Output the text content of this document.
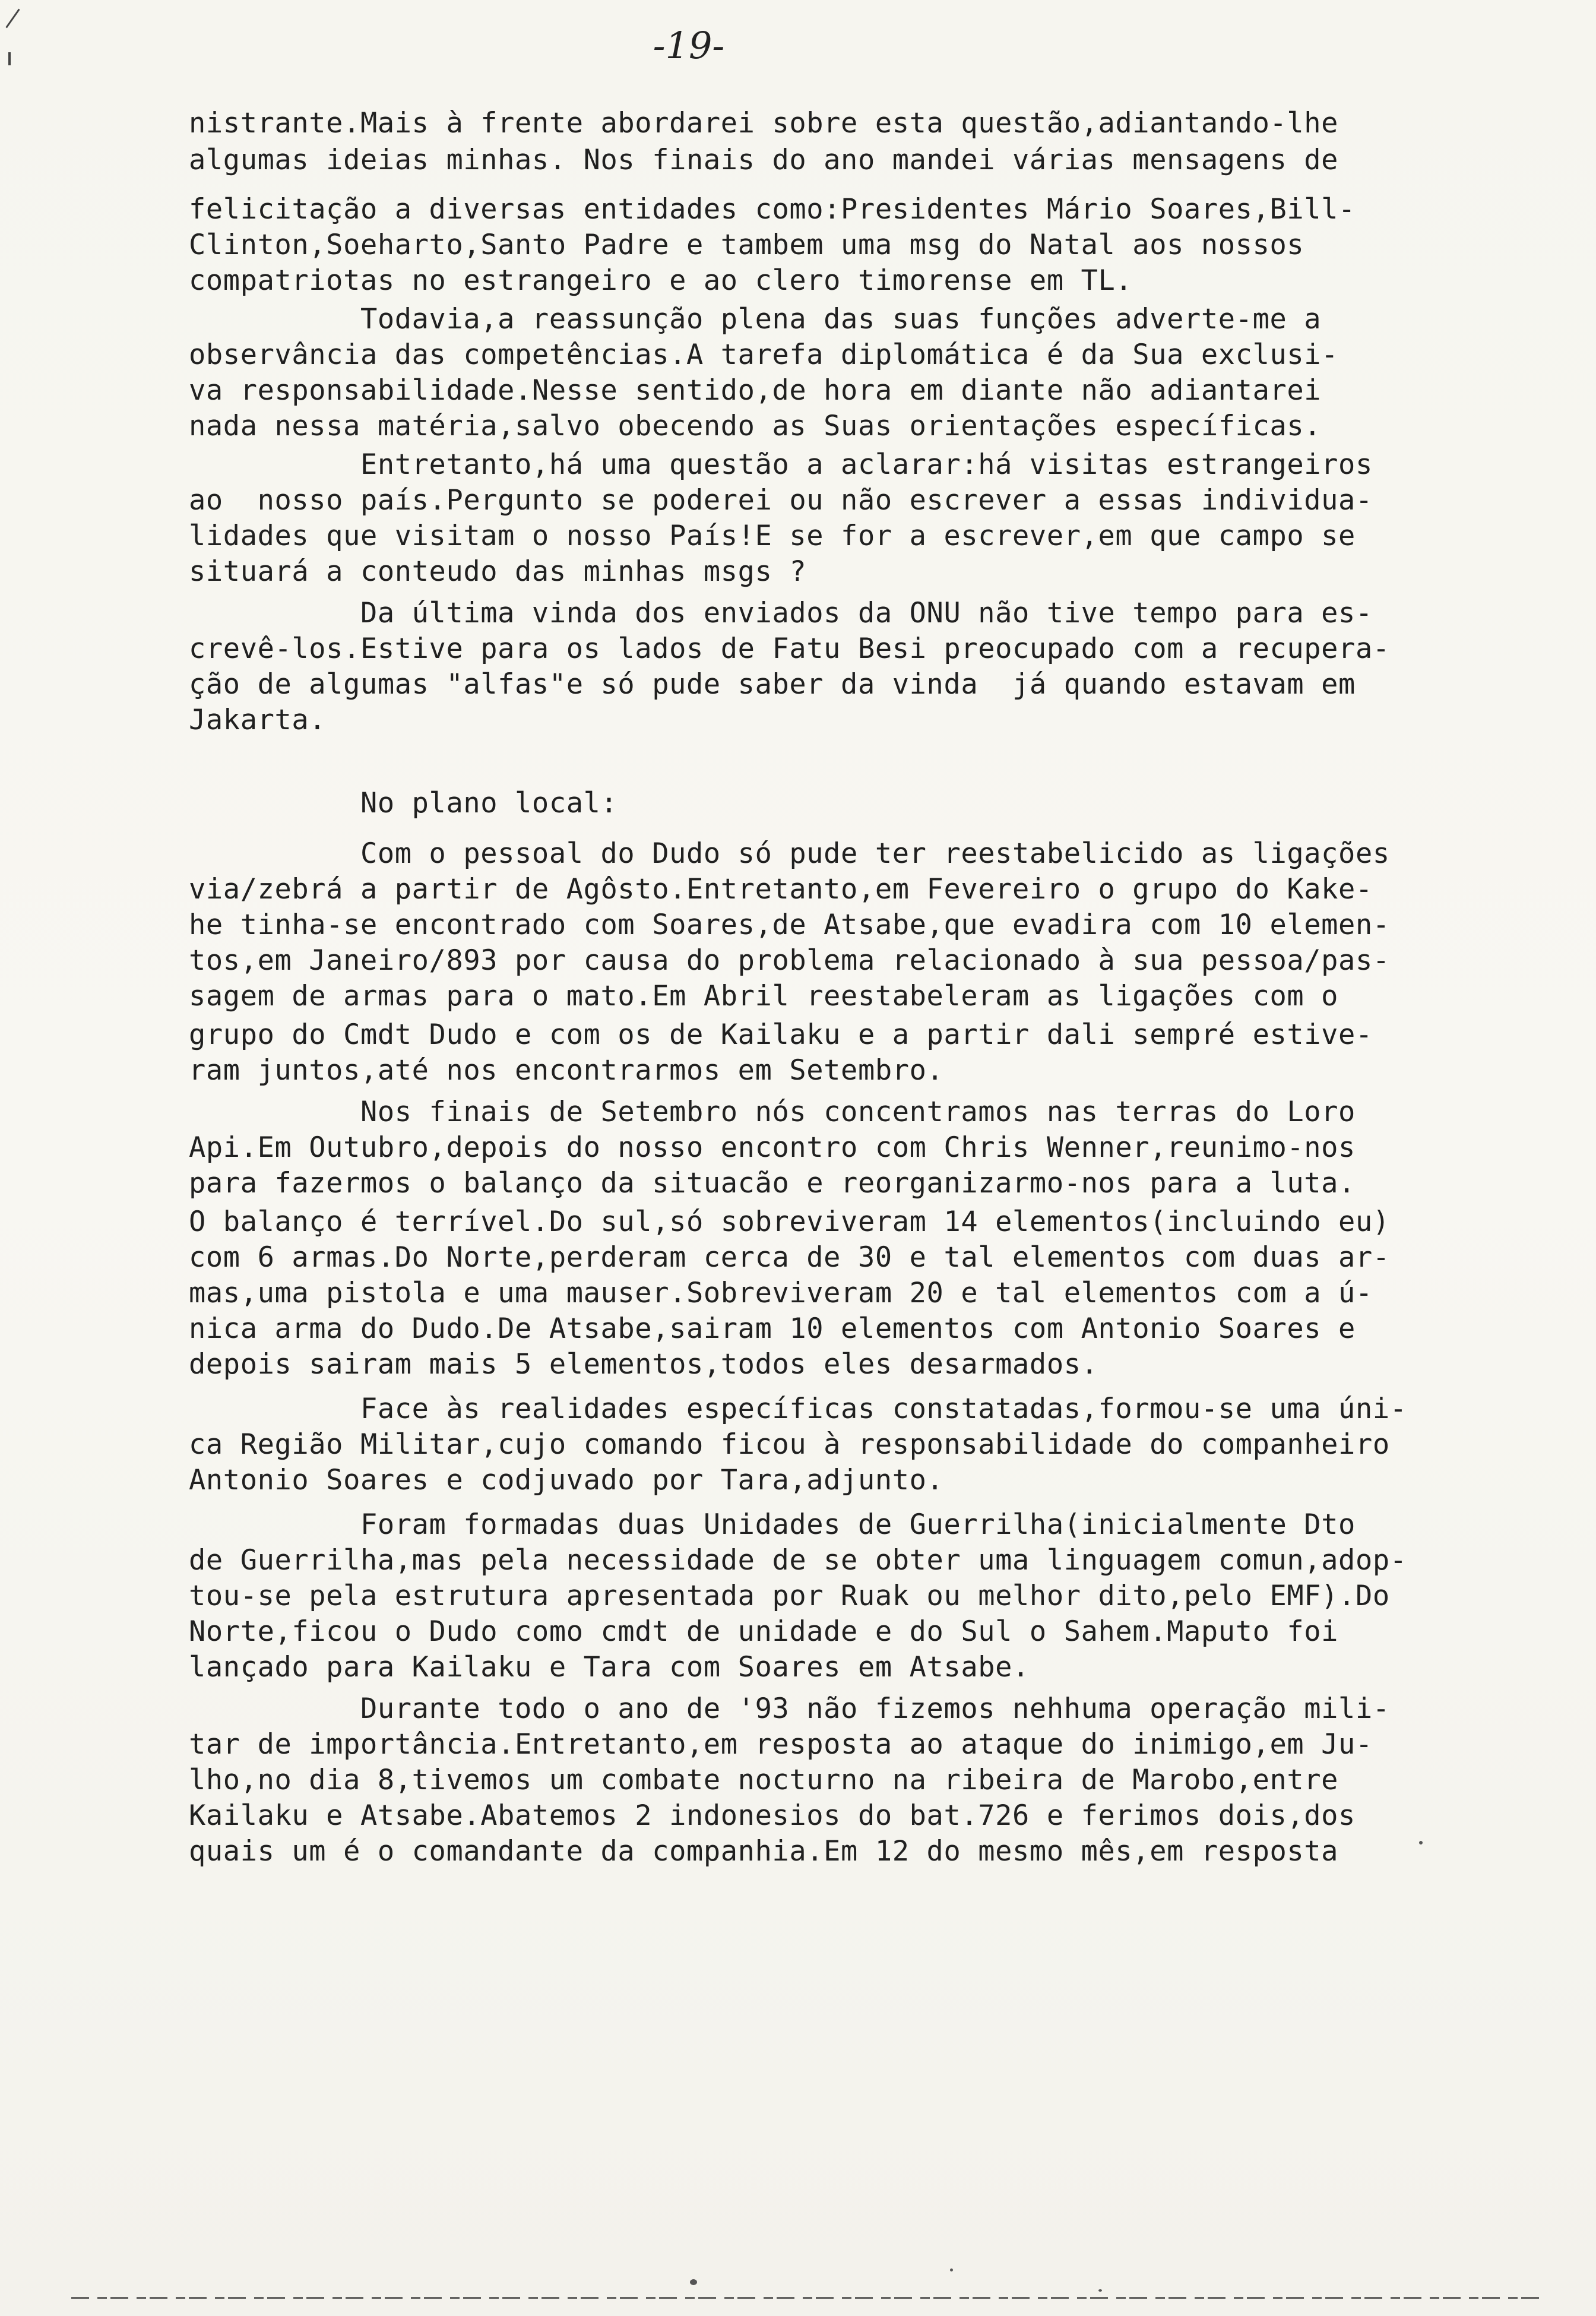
-19-
nistrante.Mais à frente abordarei sobre esta questão,adiantando-lhe
algumas ideias minhas. Nos finais do ano mandei várias mensagens de
felicitação a diversas entidades como:Presidentes Mário Soares,Bill-
Clinton,Soeharto,Santo Padre e tambem uma msg do Natal aos nossos
compatriotas no estrangeiro e ao clero timorense em TL.
Todavia,a reassunção plena das suas funções adverte-me a
observância das competências.A tarefa diplomática é da Sua exclusi-
va responsabilidade.Nesse sentido,de hora em diante não adiantarei
nada nessa matéria,salvo obecendo as Suas orientações específicas.
Entretanto,há uma questão a aclarar:há visitas estrangeiros
ao  nosso país.Pergunto se poderei ou não escrever a essas individua-
lidades que visitam o nosso País!E se for a escrever,em que campo se
situará a conteudo das minhas msgs ?
Da última vinda dos enviados da ONU não tive tempo para es-
crevê-los.Estive para os lados de Fatu Besi preocupado com a recupera-
ção de algumas "alfas"e só pude saber da vinda  já quando estavam em
Jakarta.
No plano local:
Com o pessoal do Dudo só pude ter reestabelicido as ligações
via/zebrá a partir de Agôsto.Entretanto,em Fevereiro o grupo do Kake-
he tinha-se encontrado com Soares,de Atsabe,que evadira com 10 elemen-
tos,em Janeiro/893 por causa do problema relacionado à sua pessoa/pas-
sagem de armas para o mato.Em Abril reestabeleram as ligações com o
grupo do Cmdt Dudo e com os de Kailaku e a partir dali sempré estive-
ram juntos,até nos encontrarmos em Setembro.
Nos finais de Setembro nós concentramos nas terras do Loro
Api.Em Outubro,depois do nosso encontro com Chris Wenner,reunimo-nos
para fazermos o balanço da situacão e reorganizarmo-nos para a luta.
O balanço é terrível.Do sul,só sobreviveram 14 elementos(incluindo eu)
com 6 armas.Do Norte,perderam cerca de 30 e tal elementos com duas ar-
mas,uma pistola e uma mauser.Sobreviveram 20 e tal elementos com a ú-
nica arma do Dudo.De Atsabe,sairam 10 elementos com Antonio Soares e
depois sairam mais 5 elementos,todos eles desarmados.
Face às realidades específicas constatadas,formou-se uma úni-
ca Região Militar,cujo comando ficou à responsabilidade do companheiro
Antonio Soares e codjuvado por Tara,adjunto.
Foram formadas duas Unidades de Guerrilha(inicialmente Dto
de Guerrilha,mas pela necessidade de se obter uma linguagem comun,adop-
tou-se pela estrutura apresentada por Ruak ou melhor dito,pelo EMF).Do
Norte,ficou o Dudo como cmdt de unidade e do Sul o Sahem.Maputo foi
lançado para Kailaku e Tara com Soares em Atsabe.
Durante todo o ano de '93 não fizemos nehhuma operação mili-
tar de importância.Entretanto,em resposta ao ataque do inimigo,em Ju-
lho,no dia 8,tivemos um combate nocturno na ribeira de Marobo,entre
Kailaku e Atsabe.Abatemos 2 indonesios do bat.726 e ferimos dois,dos
quais um é o comandante da companhia.Em 12 do mesmo mês,em resposta
